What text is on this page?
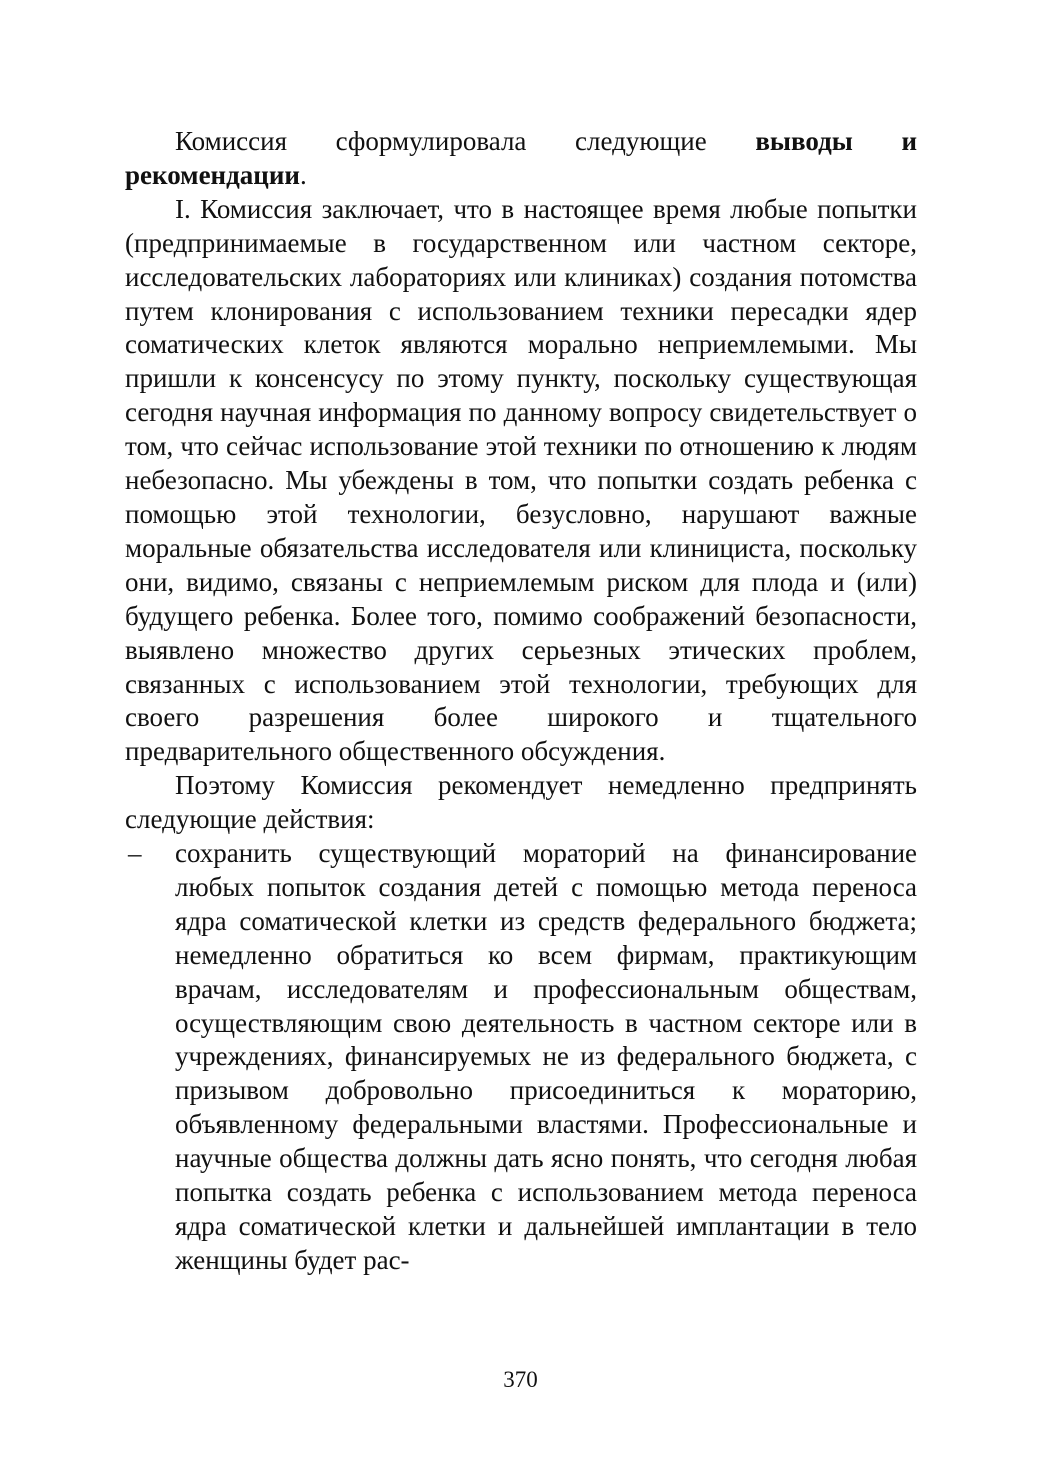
Комиссия сформулировала следующие выводы и рекомендации.

I. Комиссия заключает, что в настоящее время любые попытки (предпринимаемые в государственном или частном секторе, исследовательских лабораториях или клиниках) создания потомства путем клонирования с использованием техники пересадки ядер соматических клеток являются морально неприемлемыми. Мы пришли к консенсусу по этому пункту, поскольку существующая сегодня научная информация по данному вопросу свидетельствует о том, что сейчас использование этой техники по отношению к людям небезопасно. Мы убеждены в том, что попытки создать ребенка с помощью этой технологии, безусловно, нарушают важные моральные обязательства исследователя или клинициста, поскольку они, видимо, связаны с неприемлемым риском для плода и (или) будущего ребенка. Более того, помимо соображений безопасности, выявлено множество других серьезных этических проблем, связанных с использованием этой технологии, требующих для своего разрешения более широкого и тщательного предварительного общественного обсуждения.

Поэтому Комиссия рекомендует немедленно предпринять следующие действия:

– сохранить существующий мораторий на финансирование любых попыток создания детей с помощью метода переноса ядра соматической клетки из средств федерального бюджета; немедленно обратиться ко всем фирмам, практикующим врачам, исследователям и профессиональным обществам, осуществляющим свою деятельность в частном секторе или в учреждениях, финансируемых не из федерального бюджета, с призывом добровольно присоединиться к мораторию, объявленному федеральными властями. Профессиональные и научные общества должны дать ясно понять, что сегодня любая попытка создать ребенка с использованием метода переноса ядра соматической клетки и дальнейшей имплантации в тело женщины будет рас-
370
